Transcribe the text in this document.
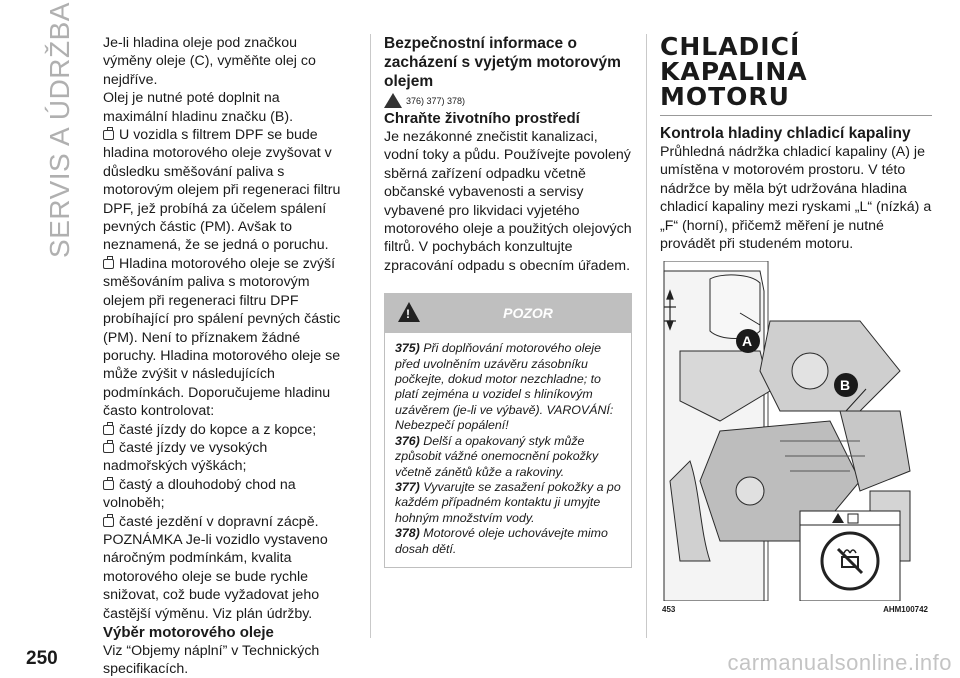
SERVIS A ÚDRŽBA Je-li hladina oleje pod značkou výměny oleje (C), vyměňte olej co nejdříve.

Olej je nutné poté doplnit na maximální hladinu značku (B).

U vozidla s filtrem DPF se bude hladina motorového oleje zvyšovat v důsledku směšování paliva s motorovým olejem při regeneraci filtru DPF, jež probíhá za účelem spálení pevných částic (PM). Avšak to neznamená, že se jedná o poruchu.

Hladina motorového oleje se zvýší směšováním paliva s motorovým olejem při regeneraci filtru DPF probíhající pro spálení pevných částic (PM). Není to příznakem žádné poruchy. Hladina motorového oleje se může zvýšit v následujících podmínkách. Doporučujeme hladinu často kontrolovat:

časté jízdy do kopce a z kopce;

časté jízdy ve vysokých nadmořských výškách;

častý a dlouhodobý chod na volnoběh;

časté jezdění v dopravní zácpě.

POZNÁMKA Je-li vozidlo vystaveno náročným podmínkám, kvalita motorového oleje se bude rychle snižovat, což bude vyžadovat jeho častější výměnu. Viz plán údržby.

Výběr motorového oleje

Viz “Objemy náplní” v Technických specifikacích.

Bezpečnostní informace o zacházení s vyjetým motorovým olejem
376) 377) 378)
Chraňte životního prostředí

Je nezákonné znečistit kanalizaci, vodní toky a půdu. Používejte povolený sběrná zařízení odpadku včetně občanské vybavenosti a servisy vybavené pro likvidaci vyjetého motorového oleje a použitých olejových filtrů. V pochybách konzultujte zpracování odpadu s obecním úřadem.

!
POZOR

375) Při doplňování motorového oleje před uvolněním uzávěru zásobníku počkejte, dokud motor nezchladne; to platí zejména u vozidel s hliníkovým uzávěrem (je-li ve výbavě). VAROVÁNÍ: Nebezpečí popálení!

376) Delší a opakovaný styk může způsobit vážné onemocnění pokožky včetně zánětů kůže a rakoviny.

377) Vyvarujte se zasažení pokožky a po každém případném kontaktu ji umyjte hohným množstvím vody.

378) Motorové oleje uchovávejte mimo dosah dětí.

CHLADICÍ KAPALINA MOTORU
Kontrola hladiny chladicí kapaliny

Průhledná nádržka chladicí kapaliny (A) je umístěna v motorovém prostoru. V této nádržce by měla být udržována hladina chladicí kapaliny mezi ryskami „L“ (nízká) a „F“ (horní), přičemž měření je nutné provádět při studeném motoru.

A
B
453	AHM100742
250	carmanualsonline.info
